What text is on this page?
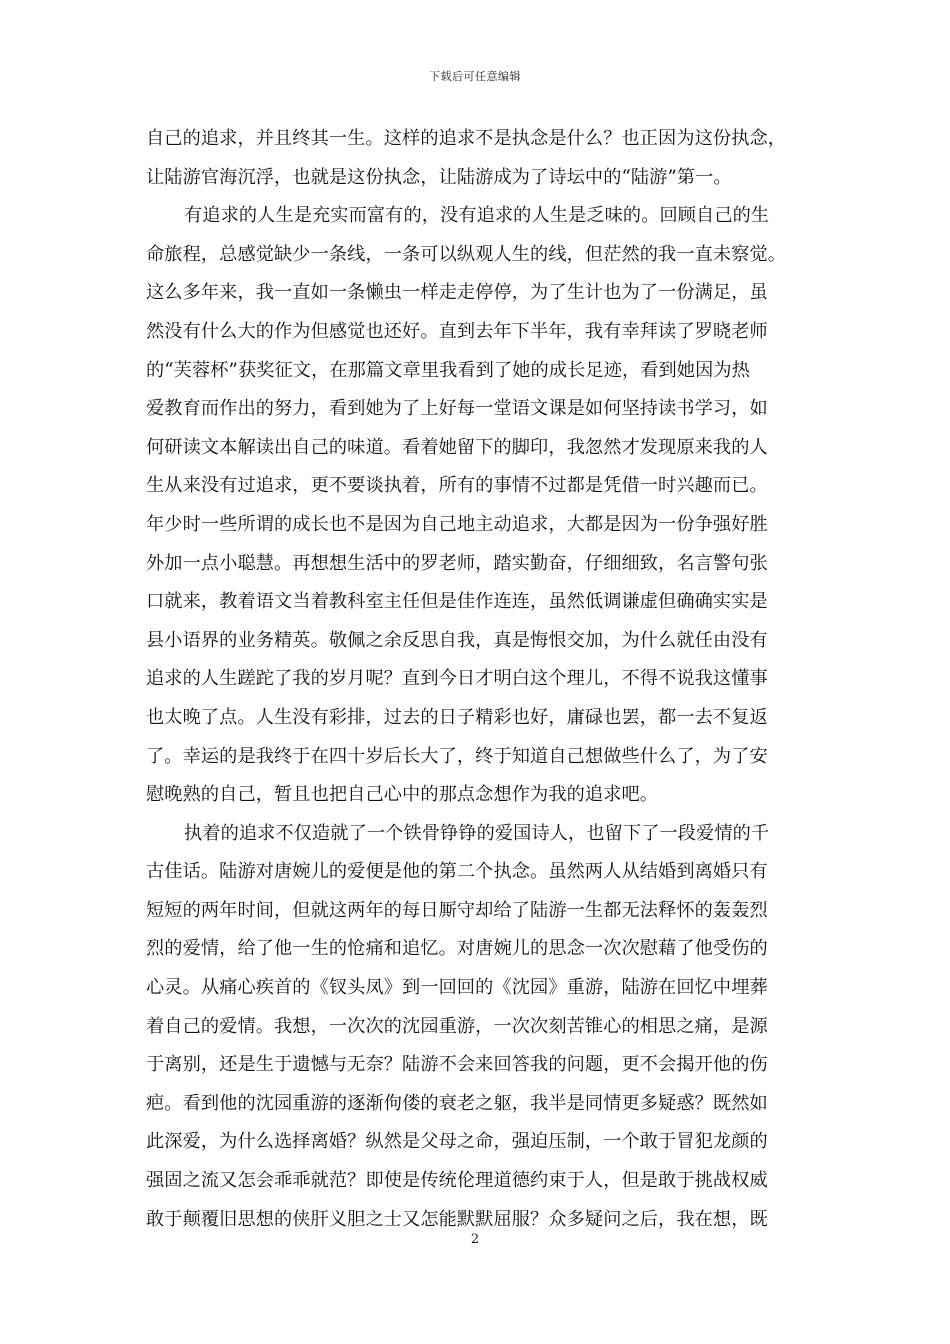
下载后可任意编辑
自己的追求，并且终其一生。这样的追求不是执念是什么？也正因为这份执念，
让陆游官海沉浮，也就是这份执念，让陆游成为了诗坛中的“陆游”第一。
有追求的人生是充实而富有的，没有追求的人生是乏味的。回顾自己的生
命旅程，总感觉缺少一条线，一条可以纵观人生的线，但茫然的我一直未察觉。
这么多年来，我一直如一条懒虫一样走走停停，为了生计也为了一份满足，虽
然没有什么大的作为但感觉也还好。直到去年下半年，我有幸拜读了罗晓老师
的“芙蓉杯”获奖征文，在那篇文章里我看到了她的成长足迹，看到她因为热
爱教育而作出的努力，看到她为了上好每一堂语文课是如何坚持读书学习，如
何研读文本解读出自己的味道。看着她留下的脚印，我忽然才发现原来我的人
生从来没有过追求，更不要谈执着，所有的事情不过都是凭借一时兴趣而已。
年少时一些所谓的成长也不是因为自己地主动追求，大都是因为一份争强好胜
外加一点小聪慧。再想想生活中的罗老师，踏实勤奋，仔细细致，名言警句张
口就来，教着语文当着教科室主任但是佳作连连，虽然低调谦虚但确确实实是
县小语界的业务精英。敬佩之余反思自我，真是悔恨交加，为什么就任由没有
追求的人生蹉跎了我的岁月呢？直到今日才明白这个理儿，不得不说我这懂事
也太晚了点。人生没有彩排，过去的日子精彩也好，庸碌也罢，都一去不复返
了。幸运的是我终于在四十岁后长大了，终于知道自己想做些什么了，为了安
慰晚熟的自己，暂且也把自己心中的那点念想作为我的追求吧。
执着的追求不仅造就了一个铁骨铮铮的爱国诗人，也留下了一段爱情的千
古佳话。陆游对唐婉儿的爱便是他的第二个执念。虽然两人从结婚到离婚只有
短短的两年时间，但就这两年的每日厮守却给了陆游一生都无法释怀的轰轰烈
烈的爱情，给了他一生的怆痛和追忆。对唐婉儿的思念一次次慰藉了他受伤的
心灵。从痛心疾首的《钗头凤》到一回回的《沈园》重游，陆游在回忆中埋葬
着自己的爱情。我想，一次次的沈园重游，一次次刻苦锥心的相思之痛，是源
于离别，还是生于遗憾与无奈？陆游不会来回答我的问题，更不会揭开他的伤
疤。看到他的沈园重游的逐渐佝偻的衰老之躯，我半是同情更多疑惑？既然如
此深爱，为什么选择离婚？纵然是父母之命，强迫压制，一个敢于冒犯龙颜的
强固之流又怎会乖乖就范？即使是传统伦理道德约束于人，但是敢于挑战权威
敢于颠覆旧思想的侠肝义胆之士又怎能默默屈服？众多疑问之后，我在想，既
2
